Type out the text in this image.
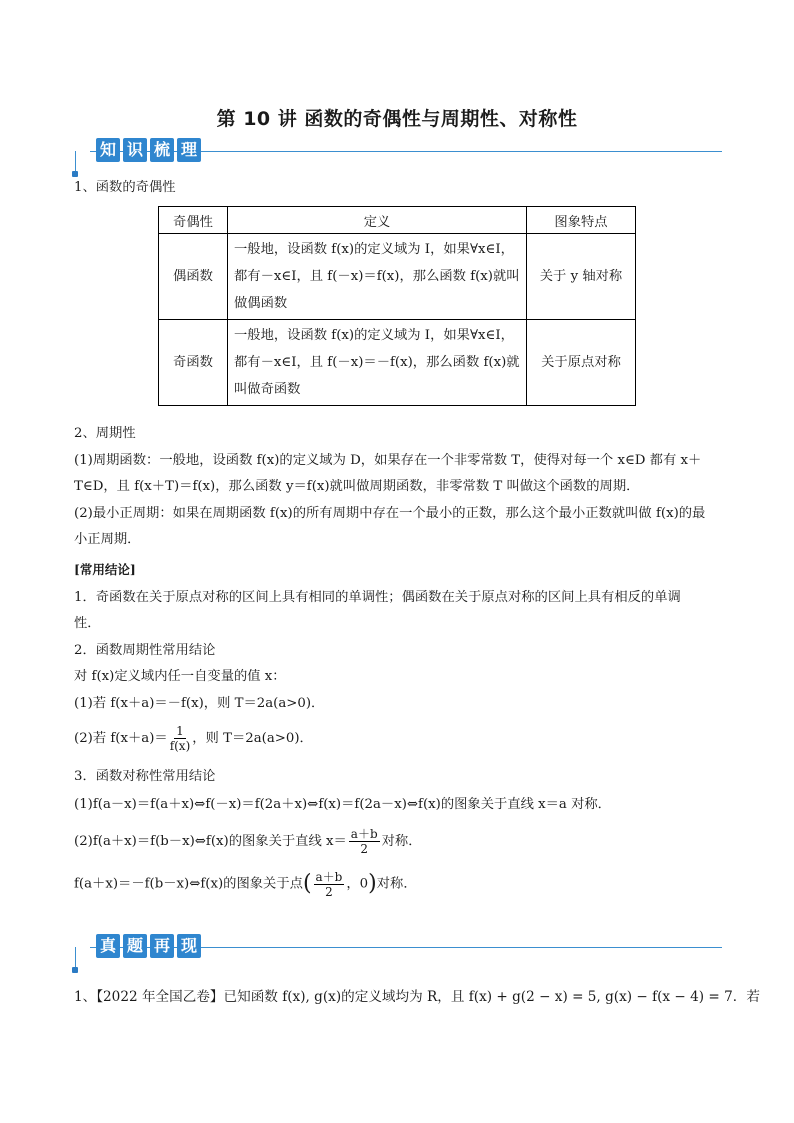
第 10 讲 函数的奇偶性与周期性、对称性
知 识 梳 理
1、函数的奇偶性
奇偶性	定义	图象特点
偶函数	一般地，设函数 f(x)的定义域为 I，如果∀x∈I，
都有－x∈I，且 f(－x)＝f(x)，那么函数 f(x)就叫
做偶函数	关于 y 轴对称
奇函数	一般地，设函数 f(x)的定义域为 I，如果∀x∈I，
都有－x∈I，且 f(－x)＝－f(x)，那么函数 f(x)就
叫做奇函数	关于原点对称
2、周期性
(1)周期函数：一般地，设函数 f(x)的定义域为 D，如果存在一个非零常数 T，使得对每一个 x∈D 都有 x＋
T∈D，且 f(x＋T)＝f(x)，那么函数 y＝f(x)就叫做周期函数，非零常数 T 叫做这个函数的周期．
(2)最小正周期：如果在周期函数 f(x)的所有周期中存在一个最小的正数，那么这个最小正数就叫做 f(x)的最
小正周期．
[常用结论]
1．奇函数在关于原点对称的区间上具有相同的单调性；偶函数在关于原点对称的区间上具有相反的单调
性．
2．函数周期性常用结论
对 f(x)定义域内任一自变量的值 x：
(1)若 f(x＋a)＝－f(x)，则 T＝2a(a>0)．
(2)若 $f(x+a)= \frac{1}{f(x)}$ ，则 T＝2a(a>0)．
3．函数对称性常用结论
(1)f(a－x)＝f(a＋x)⇔f(－x)＝f(2a＋x)⇔f(x)＝f(2a－x)⇔f(x)的图象关于直线 x＝a 对称．
(2)f(a＋x)＝f(b－x)⇔f(x)的图象关于直线 $x= \frac{a+b}{2}$ 对称．
f(a＋x)＝－f(b－x)⇔f(x)的图象关于点( $\frac{a+b}{2}$ ，0)对称．
真 题 再 现
1、【2022 年全国乙卷】已知函数 f(x), g(x)的定义域均为 R，且 f(x) + g(2 − x) = 5, g(x) − f(x − 4) = 7．若
